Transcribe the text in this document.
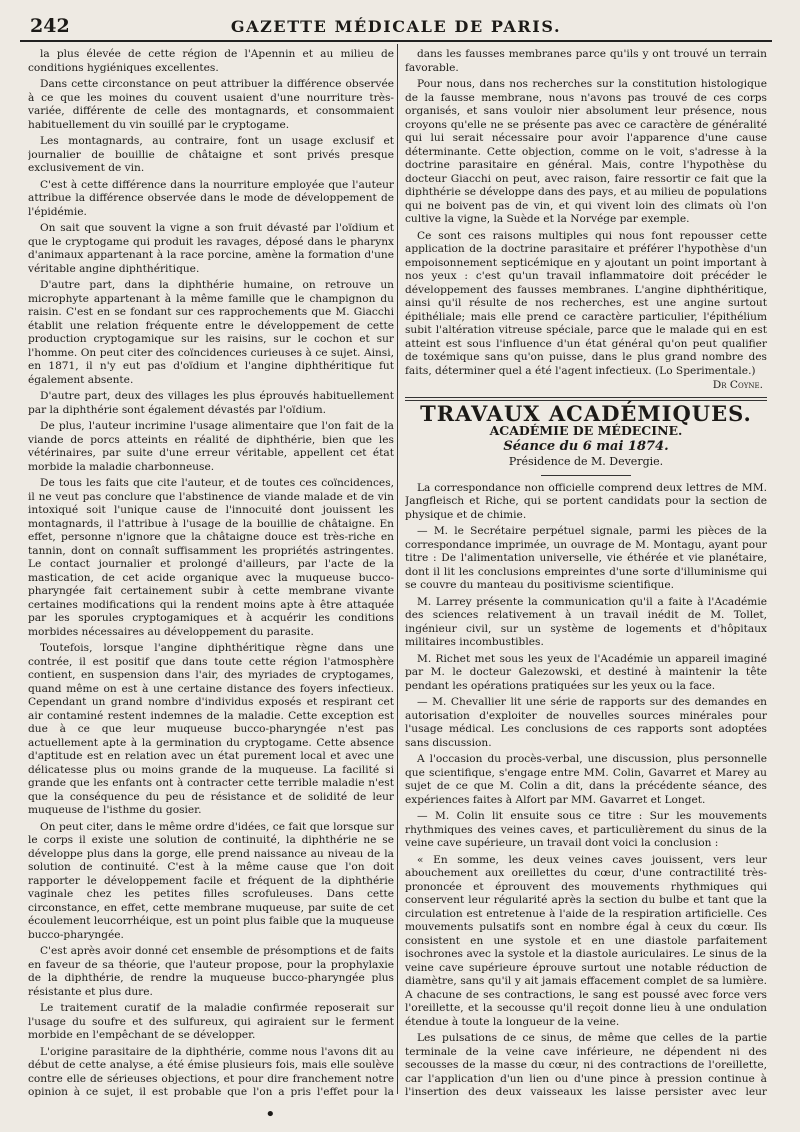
242	GAZETTE MÉDICALE DE PARIS.

la plus élevée de cette région de l'Apennin et au milieu de conditions hygiéniques excellentes.

Dans cette circonstance on peut attribuer la différence observée à ce que les moines du couvent usaient d'une nourriture très-variée, différente de celle des montagnards, et consommaient habituellement du vin souillé par le cryptogame.

Les montagnards, au contraire, font un usage exclusif et journalier de bouillie de châtaigne et sont privés presque exclusivement de vin.

C'est à cette différence dans la nourriture employée que l'auteur attribue la différence observée dans le mode de développement de l'épidémie.

On sait que souvent la vigne a son fruit dévasté par l'oïdium et que le cryptogame qui produit les ravages, déposé dans le pharynx d'animaux appartenant à la race porcine, amène la formation d'une véritable angine diphthéritique.

D'autre part, dans la diphthérie humaine, on retrouve un microphyte appartenant à la même famille que le champignon du raisin. C'est en se fondant sur ces rapprochements que M. Giacchi établit une relation fréquente entre le développement de cette production cryptogamique sur les raisins, sur le cochon et sur l'homme. On peut citer des coïncidences curieuses à ce sujet. Ainsi, en 1871, il n'y eut pas d'oïdium et l'angine diphthéritique fut également absente.

D'autre part, deux des villages les plus éprouvés habituellement par la diphthérie sont également dévastés par l'oïdium.

De plus, l'auteur incrimine l'usage alimentaire que l'on fait de la viande de porcs atteints en réalité de diphthérie, bien que les vétérinaires, par suite d'une erreur véritable, appellent cet état morbide la maladie charbonneuse.

De tous les faits que cite l'auteur, et de toutes ces coïncidences, il ne veut pas conclure que l'abstinence de viande malade et de vin intoxiqué soit l'unique cause de l'innocuité dont jouissent les montagnards, il l'attribue à l'usage de la bouillie de châtaigne. En effet, personne n'ignore que la châtaigne douce est très-riche en tannin, dont on connaît suffisamment les propriétés astringentes. Le contact journalier et prolongé d'ailleurs, par l'acte de la mastication, de cet acide organique avec la muqueuse bucco-pharyngée fait certainement subir à cette membrane vivante certaines modifications qui la rendent moins apte à être attaquée par les sporules cryptogamiques et à acquérir les conditions morbides nécessaires au développement du parasite.

Toutefois, lorsque l'angine diphthéritique règne dans une contrée, il est positif que dans toute cette région l'atmosphère contient, en suspension dans l'air, des myriades de cryptogames, quand même on est à une certaine distance des foyers infectieux. Cependant un grand nombre d'individus exposés et respirant cet air contaminé restent indemnes de la maladie. Cette exception est due à ce que leur muqueuse bucco-pharyngée n'est pas actuellement apte à la germination du cryptogame. Cette absence d'aptitude est en relation avec un état purement local et avec une délicatesse plus ou moins grande de la muqueuse. La facilité si grande que les enfants ont à contracter cette terrible maladie n'est que la conséquence du peu de résistance et de solidité de leur muqueuse de l'isthme du gosier.

On peut citer, dans le même ordre d'idées, ce fait que lorsque sur le corps il existe une solution de continuité, la diphthérie ne se développe plus dans la gorge, elle prend naissance au niveau de la solution de continuité. C'est à la même cause que l'on doit rapporter le développement facile et fréquent de la diphthérie vaginale chez les petites filles scrofuleuses. Dans cette circonstance, en effet, cette membrane muqueuse, par suite de cet écoulement leucorrhéique, est un point plus faible que la muqueuse bucco-pharyngée.

C'est après avoir donné cet ensemble de présomptions et de faits en faveur de sa théorie, que l'auteur propose, pour la prophylaxie de la diphthérie, de rendre la muqueuse bucco-pharyngée plus résistante et plus dure.

Le traitement curatif de la maladie confirmée reposerait sur l'usage du soufre et des sulfureux, qui agiraient sur le ferment morbide en l'empêchant de se développer.

L'origine parasitaire de la diphthérie, comme nous l'avons dit au début de cette analyse, a été émise plusieurs fois, mais elle soulève contre elle de sérieuses objections, et pour dire franchement notre opinion à ce sujet, il est probable que l'on a pris l'effet pour la

dans les fausses membranes parce qu'ils y ont trouvé un terrain favorable.

Pour nous, dans nos recherches sur la constitution histologique de la fausse membrane, nous n'avons pas trouvé de ces corps organisés, et sans vouloir nier absolument leur présence, nous croyons qu'elle ne se présente pas avec ce caractère de généralité qui lui serait nécessaire pour avoir l'apparence d'une cause déterminante. Cette objection, comme on le voit, s'adresse à la doctrine parasitaire en général. Mais, contre l'hypothèse du docteur Giacchi on peut, avec raison, faire ressortir ce fait que la diphthérie se développe dans des pays, et au milieu de populations qui ne boivent pas de vin, et qui vivent loin des climats où l'on cultive la vigne, la Suède et la Norvége par exemple.

Ce sont ces raisons multiples qui nous font repousser cette application de la doctrine parasitaire et préférer l'hypothèse d'un empoisonnement septicémique en y ajoutant un point important à nos yeux : c'est qu'un travail inflammatoire doit précéder le développement des fausses membranes. L'angine diphthéritique, ainsi qu'il résulte de nos recherches, est une angine surtout épithéliale; mais elle prend ce caractère particulier, l'épithélium subit l'altération vitreuse spéciale, parce que le malade qui en est atteint est sous l'influence d'un état général qu'on peut qualifier de toxémique sans qu'on puisse, dans le plus grand nombre des faits, déterminer quel a été l'agent infectieux. (Lo Sperimentale.)

Dr Coyne.
TRAVAUX ACADÉMIQUES.
ACADÉMIE DE MÉDECINE.
Séance du 6 mai 1874.
Présidence de M. Devergie.

La correspondance non officielle comprend deux lettres de MM. Jangfleisch et Riche, qui se portent candidats pour la section de physique et de chimie.

— M. le Secrétaire perpétuel signale, parmi les pièces de la correspondance imprimée, un ouvrage de M. Montagu, ayant pour titre : De l'alimentation universelle, vie éthérée et vie planétaire, dont il lit les conclusions empreintes d'une sorte d'illuminisme qui se couvre du manteau du positivisme scientifique.

M. Larrey présente la communication qu'il a faite à l'Académie des sciences relativement à un travail inédit de M. Tollet, ingénieur civil, sur un système de logements et d'hôpitaux militaires incombustibles.

M. Richet met sous les yeux de l'Académie un appareil imaginé par M. le docteur Galezowski, et destiné à maintenir la tête pendant les opérations pratiquées sur les yeux ou la face.

— M. Chevallier lit une série de rapports sur des demandes en autorisation d'exploiter de nouvelles sources minérales pour l'usage médical. Les conclusions de ces rapports sont adoptées sans discussion.

A l'occasion du procès-verbal, une discussion, plus personnelle que scientifique, s'engage entre MM. Colin, Gavarret et Marey au sujet de ce que M. Colin a dit, dans la précédente séance, des expériences faites à Alfort par MM. Gavarret et Longet.

— M. Colin lit ensuite sous ce titre : Sur les mouvements rhythmiques des veines caves, et particulièrement du sinus de la veine cave supérieure, un travail dont voici la conclusion :

« En somme, les deux veines caves jouissent, vers leur abouchement aux oreillettes du cœur, d'une contractilité très-prononcée et éprouvent des mouvements rhythmiques qui conservent leur régularité après la section du bulbe et tant que la circulation est entretenue à l'aide de la respiration artificielle. Ces mouvements pulsatifs sont en nombre égal à ceux du cœur. Ils consistent en une systole et en une diastole parfaitement isochrones avec la systole et la diastole auriculaires. Le sinus de la veine cave supérieure éprouve surtout une notable réduction de diamètre, sans qu'il y ait jamais effacement complet de sa lumière. A chacune de ses contractions, le sang est poussé avec force vers l'oreillette, et la secousse qu'il reçoit donne lieu à une ondulation étendue à toute la longueur de la veine.

Les pulsations de ce sinus, de même que celles de la partie terminale de la veine cave inférieure, ne dépendent ni des secousses de la masse du cœur, ni des contractions de l'oreillette, car l'application d'un lien ou d'une pince à pression continue à l'insertion des deux vaisseaux les laisse persister avec leur

•
